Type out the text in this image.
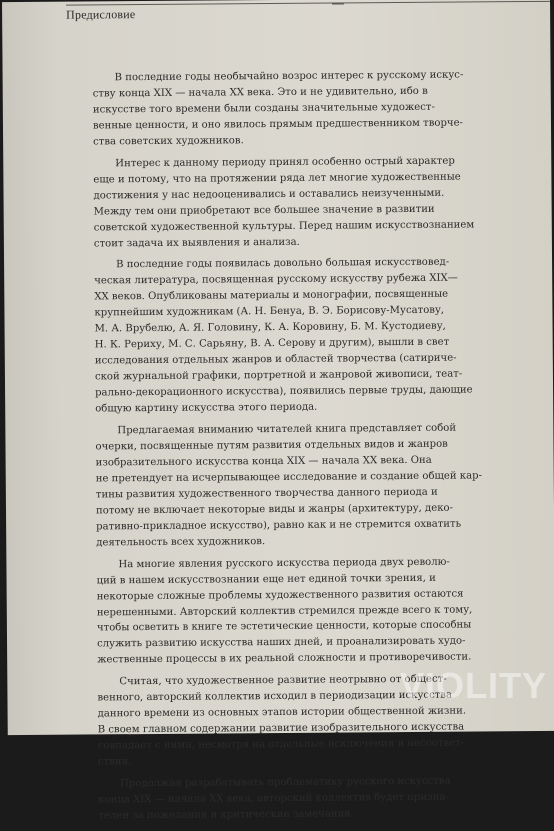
Предисловие
В последние годы необычайно возрос интерес к русскому искус-
ству конца XIX — начала XX века. Это и не удивительно, ибо в
искусстве того времени были созданы значительные художест-
венные ценности, и оно явилось прямым предшественником творче-
ства советских художников.
Интерес к данному периоду принял особенно острый характер
еще и потому, что на протяжении ряда лет многие художественные
достижения у нас недооценивались и оставались неизученными.
Между тем они приобретают все большее значение в развитии
советской художественной культуры. Перед нашим искусствознанием
стоит задача их выявления и анализа.
В последние годы появилась довольно большая искусствовед-
ческая литература, посвященная русскому искусству рубежа XIX—
XX веков. Опубликованы материалы и монографии, посвященные
крупнейшим художникам (А. Н. Бенуа, В. Э. Борисову-Мусатову,
М. А. Врубелю, А. Я. Головину, К. А. Коровину, Б. М. Кустодиеву,
Н. К. Рериху, М. С. Сарьяну, В. А. Серову и другим), вышли в свет
исследования отдельных жанров и областей творчества (сатириче-
ской журнальной графики, портретной и жанровой живописи, теат-
рально-декорационного искусства), появились первые труды, дающие
общую картину искусства этого периода.
Предлагаемая вниманию читателей книга представляет собой
очерки, посвященные путям развития отдельных видов и жанров
изобразительного искусства конца XIX — начала XX века. Она
не претендует на исчерпывающее исследование и создание общей кар-
тины развития художественного творчества данного периода и
потому не включает некоторые виды и жанры (архитектуру, деко-
ративно-прикладное искусство), равно как и не стремится охватить
деятельность всех художников.
На многие явления русского искусства периода двух револю-
ций в нашем искусствознании еще нет единой точки зрения, и
некоторые сложные проблемы художественного развития остаются
нерешенными. Авторский коллектив стремился прежде всего к тому,
чтобы осветить в книге те эстетические ценности, которые способны
служить развитию искусства наших дней, и проанализировать худо-
жественные процессы в их реальной сложности и противоречивости.
Считая, что художественное развитие неотрывно от общест-
венного, авторский коллектив исходил в периодизации искусства
данного времени из основных этапов истории общественной жизни.
В своем главном содержании развитие изобразительного искусства
совпадает с ними, несмотря на отдельные исключения и несоответ-
ствия.
Продолжая разрабатывать проблематику русского искусства
конца XIX — начала XX века, авторский коллектив будет призна-
телен за пожелания и критические замечания.
VIOLITY
